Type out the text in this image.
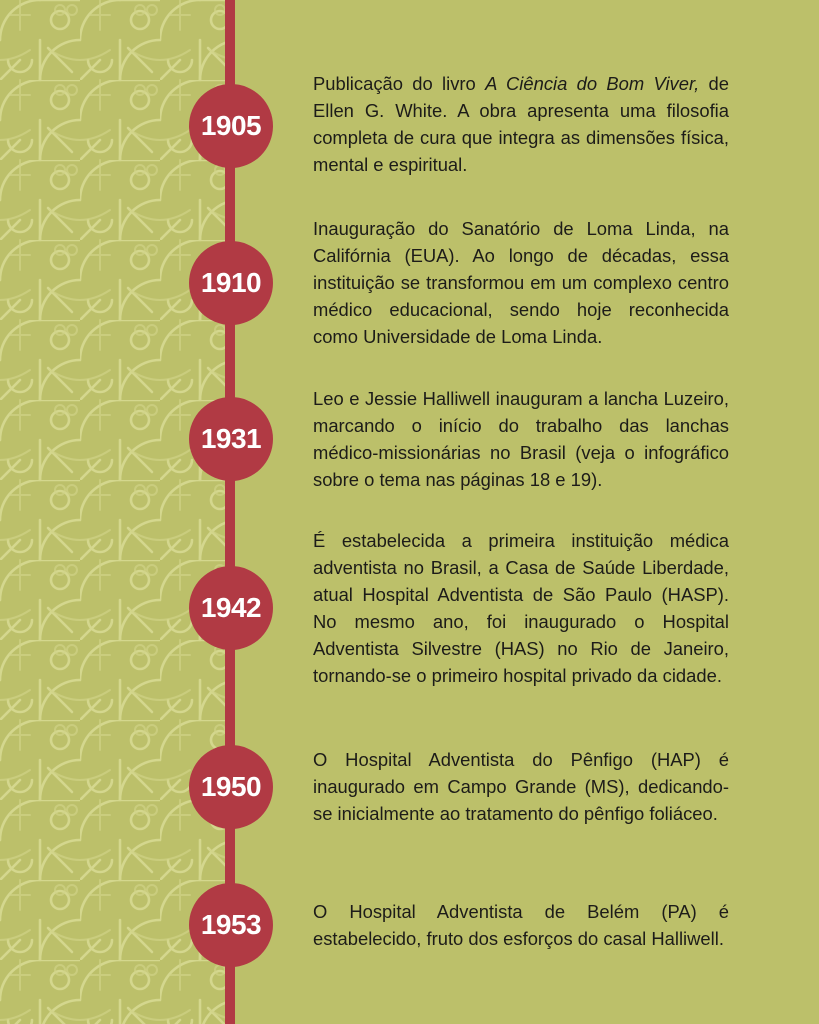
1905

Publicação do livro A Ciência do Bom Viver, de Ellen G. White. A obra apresenta uma filosofia completa de cura que integra as dimensões física, mental e espiritual.

1910

Inauguração do Sanatório de Loma Linda, na Califórnia (EUA). Ao longo de décadas, essa instituição se transformou em um complexo centro médico educacional, sendo hoje reconhecida como Universidade de Loma Linda.

1931

Leo e Jessie Halliwell inauguram a lancha Luzeiro, marcando o início do trabalho das lanchas médico-missionárias no Brasil (veja o infográfico sobre o tema nas páginas 18 e 19).

1942

É estabelecida a primeira instituição médica adventista no Brasil, a Casa de Saúde Liberdade, atual Hospital Adventista de São Paulo (HASP). No mesmo ano, foi inaugurado o Hospital Adventista Silvestre (HAS) no Rio de Janeiro, tornando-se o primeiro hospital privado da cidade.

1950

O Hospital Adventista do Pênfigo (HAP) é inaugurado em Campo Grande (MS), dedicando-se inicialmente ao tratamento do pênfigo foliáceo.

1953	O Hospital Adventista de Belém (PA) é estabelecido, fruto dos esforços do casal Halliwell.
